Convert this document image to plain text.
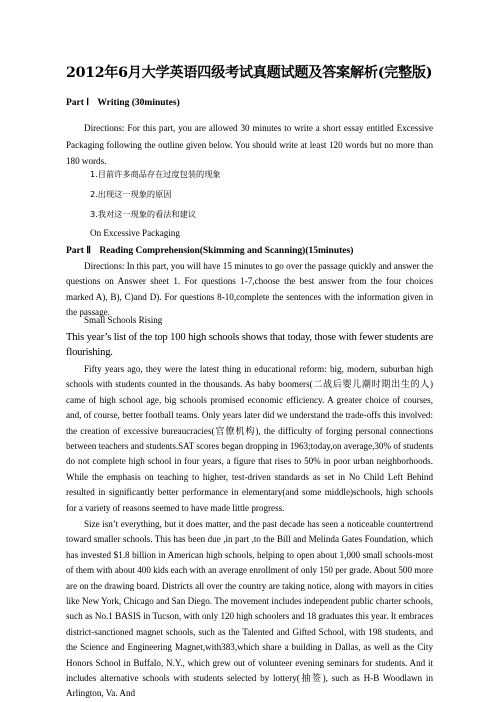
2012年6月大学英语四级考试真题试题及答案解析(完整版)
Part Ⅰ Writing (30minutes)
Directions: For this part, you are allowed 30 minutes to write a short essay entitled Excessive Packaging following the outline given below. You should write at least 120 words but no more than 180 words.
1.目前许多商品存在过度包装的现象
2.出现这一现象的原因
3.我对这一现象的看法和建议
On Excessive Packaging
Part Ⅱ Reading Comprehension(Skimming and Scanning)(15minutes)
Directions: In this part, you will have 15 minutes to go over the passage quickly and answer the questions on Answer sheet 1. For questions 1-7,choose the best answer from the four choices marked A), B), C)and D). For questions 8-10,complete the sentences with the information given in the passage.
Small Schools Rising
This year’s list of the top 100 high schools shows that today, those with fewer students are flourishing.
Fifty years ago, they were the latest thing in educational reform: big, modern, suburban high schools with students counted in the thousands. As baby boomers(二战后婴儿潮时期出生的人) came of high school age, big schools promised economic efficiency. A greater choice of courses, and, of course, better football teams. Only years later did we understand the trade-offs this involved: the creation of excessive bureaucracies(官僚机构), the difficulty of forging personal connections between teachers and students.SAT scores began dropping in 1963;today,on average,30% of students do not complete high school in four years, a figure that rises to 50% in poor urban neighborhoods. While the emphasis on teaching to higher, test-driven standards as set in No Child Left Behind resulted in significantly better performance in elementary(and some middle)schools, high schools for a variety of reasons seemed to have made little progress.
Size isn’t everything, but it does matter, and the past decade has seen a noticeable countertrend toward smaller schools. This has been due ,in part ,to the Bill and Melinda Gates Foundation, which has invested $1.8 billion in American high schools, helping to open about 1,000 small schools-most of them with about 400 kids each with an average enrollment of only 150 per grade. About 500 more are on the drawing board. Districts all over the country are taking notice, along with mayors in cities like New York, Chicago and San Diego. The movement includes independent public charter schools, such as No.1 BASIS in Tucson, with only 120 high schoolers and 18 graduates this year. It embraces district-sanctioned magnet schools, such as the Talented and Gifted School, with 198 students, and the Science and Engineering Magnet,with383,which share a building in Dallas, as well as the City Honors School in Buffalo, N.Y., which grew out of volunteer evening seminars for students. And it includes alternative schools with students selected by lottery(抽签), such as H-B Woodlawn in Arlington, Va. And
